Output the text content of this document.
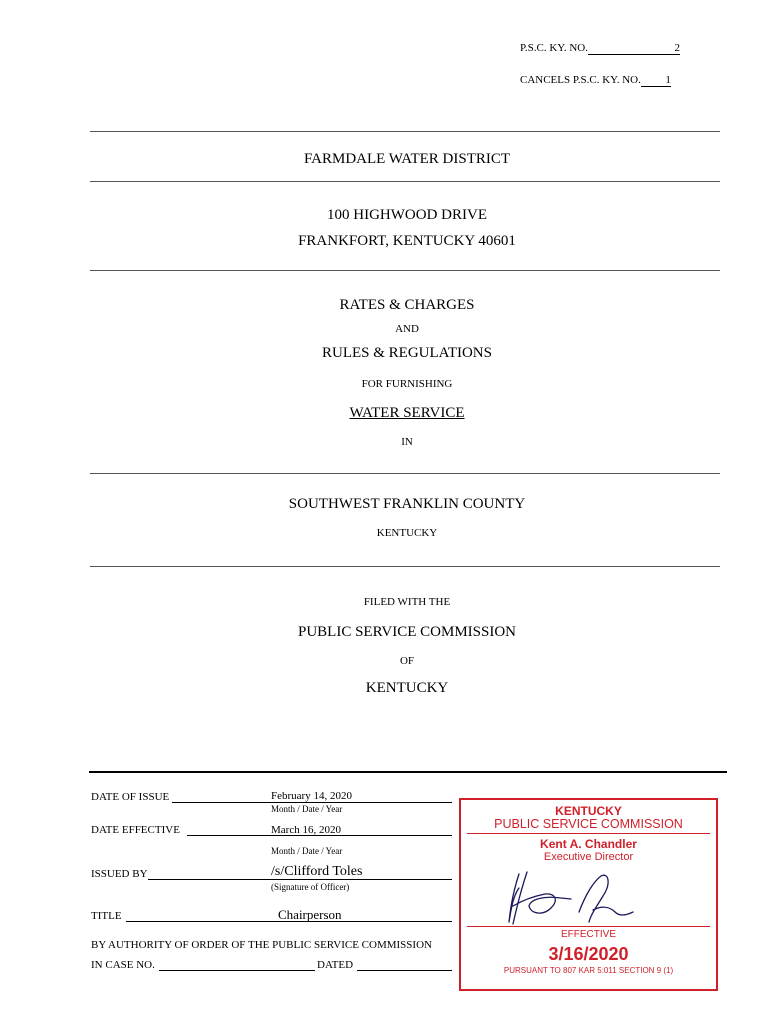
P.S.C. KY. NO.	2
CANCELS P.S.C. KY. NO. 1
FARMDALE WATER DISTRICT
100 HIGHWOOD DRIVE
FRANKFORT, KENTUCKY 40601
RATES & CHARGES
AND
RULES & REGULATIONS
FOR FURNISHING
WATER SERVICE
IN
SOUTHWEST FRANKLIN COUNTY
KENTUCKY
FILED WITH THE
PUBLIC SERVICE COMMISSION
OF
KENTUCKY
DATE OF ISSUE	February 14, 2020
Month / Date / Year
DATE EFFECTIVE	March 16, 2020
Month / Date / Year
ISSUED BY	/s/Clifford Toles
(Signature of Officer)
TITLE	Chairperson
BY AUTHORITY OF ORDER OF THE PUBLIC SERVICE COMMISSION
IN CASE NO.	DATED
KENTUCKY
PUBLIC SERVICE COMMISSION
Kent A. Chandler
Executive Director
EFFECTIVE
3/16/2020
PURSUANT TO 807 KAR 5:011 SECTION 9 (1)
